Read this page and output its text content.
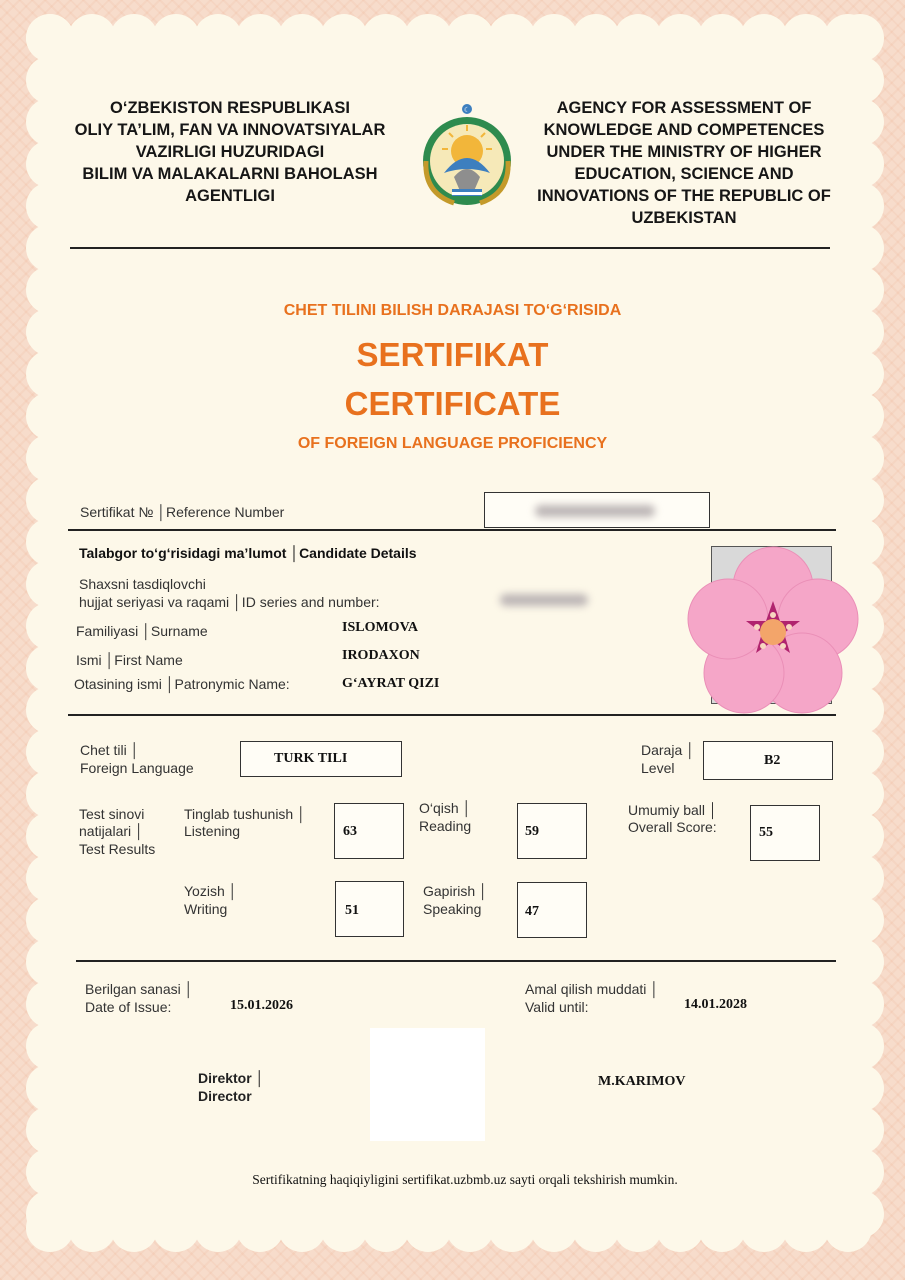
O‘ZBEKISTON RESPUBLIKASI
OLIY TA’LIM, FAN VA INNOVATSIYALAR
VAZIRLIGI HUZURIDAGI
BILIM VA MALAKALARNI BAHOLASH
AGENTLIGI
☾	AGENCY FOR ASSESSMENT OF
KNOWLEDGE AND COMPETENCES
UNDER THE MINISTRY OF HIGHER
EDUCATION, SCIENCE AND
INNOVATIONS OF THE REPUBLIC OF
UZBEKISTAN
CHET TILINI BILISH DARAJASI TO‘G‘RISIDA
SERTIFIKAT
CERTIFICATE
OF FOREIGN LANGUAGE PROFICIENCY
Sertifikat № │Reference Number
Talabgor to‘g‘risidagi ma’lumot │Candidate Details
Shaxsni tasdiqlovchi
hujjat seriyasi va raqami │ID series and number:
Familiyasi │Surname	ISLOMOVA
Ismi │First Name	IRODAXON
Otasining ismi │Patronymic Name:	G‘AYRAT QIZI
Chet tili │
Foreign Language
TURK TILI
Daraja │
Level	B2
Test sinovi
natijalari │
Test Results
Tinglab tushunish │
Listening	63
O‘qish │
Reading	59
Umumiy ball │
Overall Score:	55
Yozish │
Writing	51
Gapirish │
Speaking	47
Berilgan sanasi │
Date of Issue:	15.01.2026
Amal qilish muddati │
Valid until:	14.01.2028
Direktor │
Director
M.KARIMOV
Sertifikatning haqiqiyligini sertifikat.uzbmb.uz sayti orqali tekshirish mumkin.
